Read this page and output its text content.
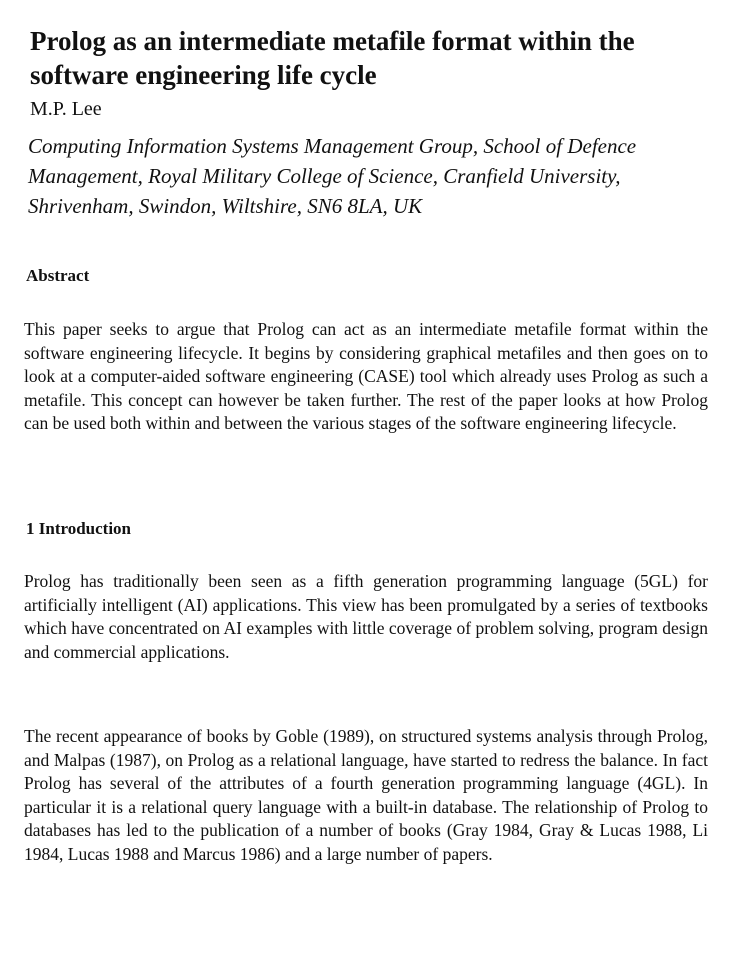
Prolog as an intermediate metafile format within the software engineering life cycle

M.P. Lee

Computing Information Systems Management Group, School of Defence Management, Royal Military College of Science, Cranfield University, Shrivenham, Swindon, Wiltshire, SN6 8LA, UK

Abstract

This paper seeks to argue that Prolog can act as an intermediate metafile format within the software engineering lifecycle. It begins by considering graphical metafiles and then goes on to look at a computer-aided software engineering (CASE) tool which already uses Prolog as such a metafile. This concept can however be taken further. The rest of the paper looks at how Prolog can be used both within and between the various stages of the software engineering lifecycle.

1 Introduction

Prolog has traditionally been seen as a fifth generation programming language (5GL) for artificially intelligent (AI) applications. This view has been promulgated by a series of textbooks which have concentrated on AI examples with little coverage of problem solving, program design and commercial applications.

The recent appearance of books by Goble (1989), on structured systems analysis through Prolog, and Malpas (1987), on Prolog as a relational language, have started to redress the balance. In fact Prolog has several of the attributes of a fourth generation programming language (4GL). In particular it is a relational query language with a built-in database. The relationship of Prolog to databases has led to the publication of a number of books (Gray 1984, Gray & Lucas 1988, Li 1984, Lucas 1988 and Marcus 1986) and a large number of papers.
